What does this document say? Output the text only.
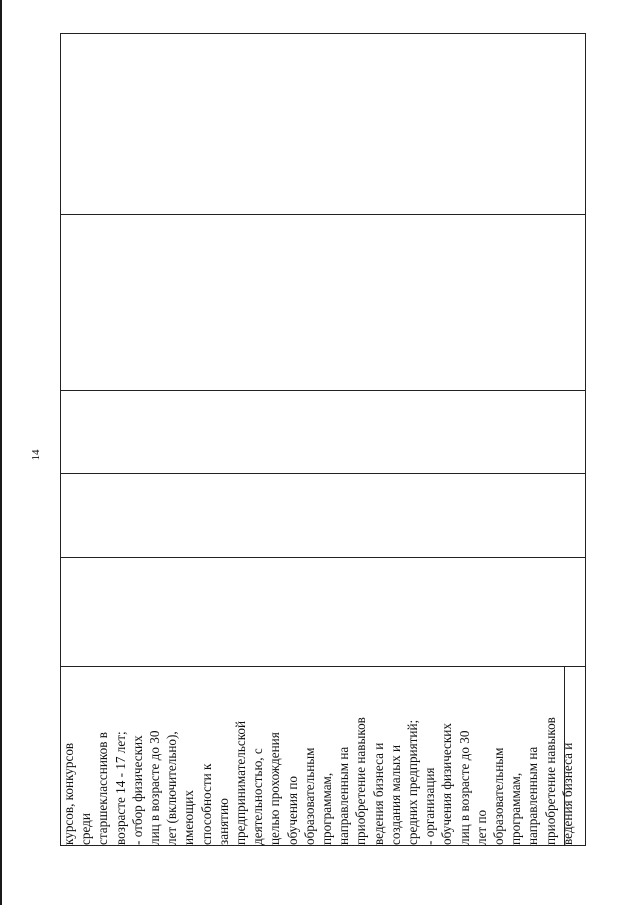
14
курсов, конкурсов среди старшеклассников в возрасте 14 - 17 лет; - отбор физических лиц в возрасте до 30 лет (включительно), имеющих способности к занятию предпринимательской деятельностью, с целью прохождения обучения по образовательным программам, направленным на приобретение навыков ведения бизнеса и создания малых и средних предприятий; - организация обучения физических лиц в возрасте до 30 лет по образовательным программам, направленным на приобретение навыков ведения бизнеса и
